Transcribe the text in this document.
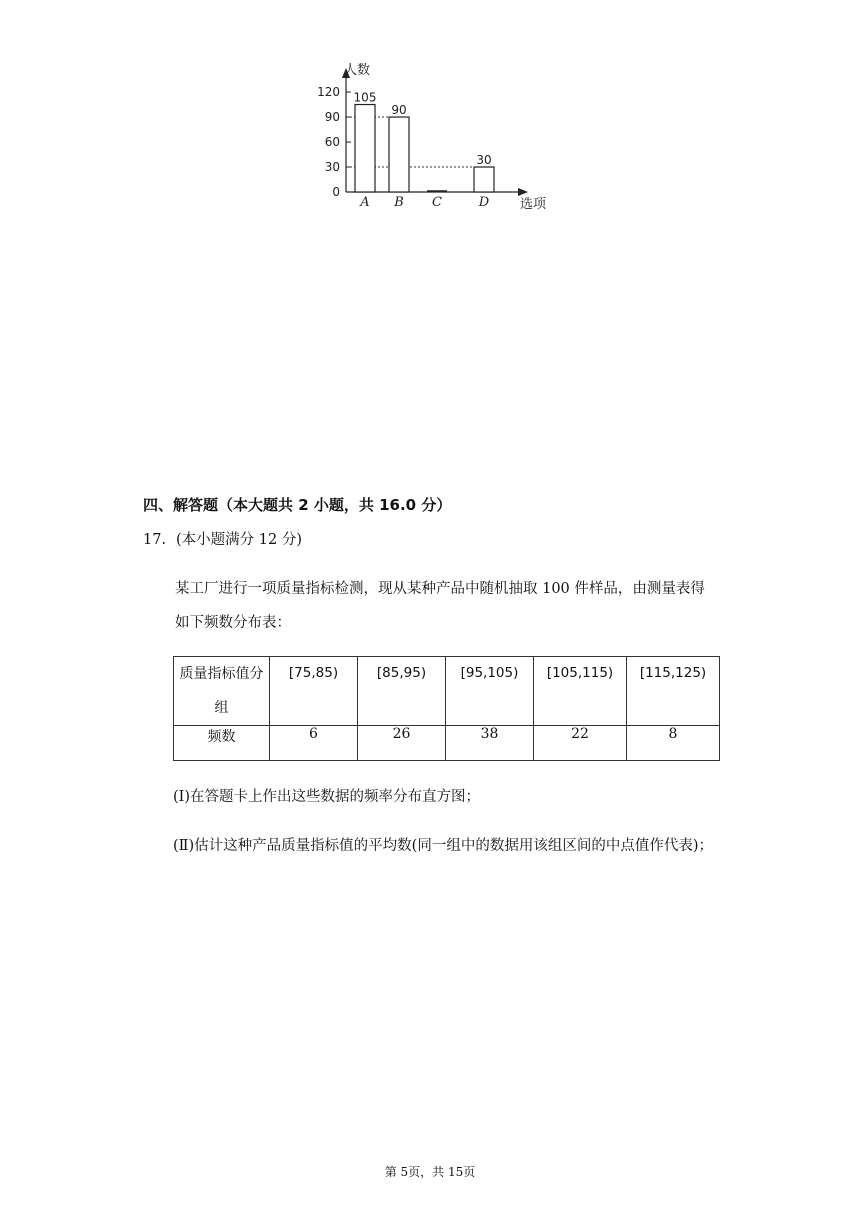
0
30
60
90
120
人数
选项
A
105
B
90
C	D
30
四、解答题（本大题共 2 小题，共 16.0 分）
17. (本小题满分 12 分)
某工厂进行一项质量指标检测，现从某种产品中随机抽取 100 件样品，由测量表得
如下频数分布表：
质量指标值分
组	[75,85)	[85,95)	[95,105)	[105,115)	[115,125)

频数	6	26	38	22	8
(Ⅰ)在答题卡上作出这些数据的频率分布直方图；
(Ⅱ)估计这种产品质量指标值的平均数(同一组中的数据用该组区间的中点值作代表)；
第 5页，共 15页
